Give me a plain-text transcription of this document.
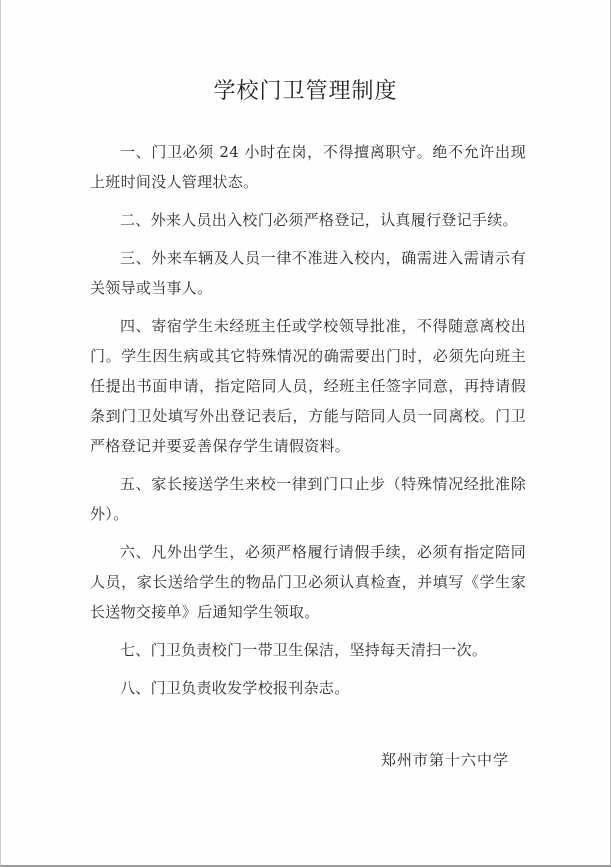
学校门卫管理制度

一、门卫必须 24 小时在岗，不得擅离职守。绝不允许出现上班时间没人管理状态。

二、外来人员出入校门必须严格登记，认真履行登记手续。

三、外来车辆及人员一律不准进入校内，确需进入需请示有关领导或当事人。

四、寄宿学生未经班主任或学校领导批准，不得随意离校出门。学生因生病或其它特殊情况的确需要出门时，必须先向班主任提出书面申请，指定陪同人员，经班主任签字同意，再持请假条到门卫处填写外出登记表后，方能与陪同人员一同离校。门卫严格登记并要妥善保存学生请假资料。

五、家长接送学生来校一律到门口止步（特殊情况经批准除外）。

六、凡外出学生，必须严格履行请假手续，必须有指定陪同人员，家长送给学生的物品门卫必须认真检查，并填写《学生家长送物交接单》后通知学生领取。

七、门卫负责校门一带卫生保洁，坚持每天清扫一次。

八、门卫负责收发学校报刊杂志。

郑州市第十六中学
